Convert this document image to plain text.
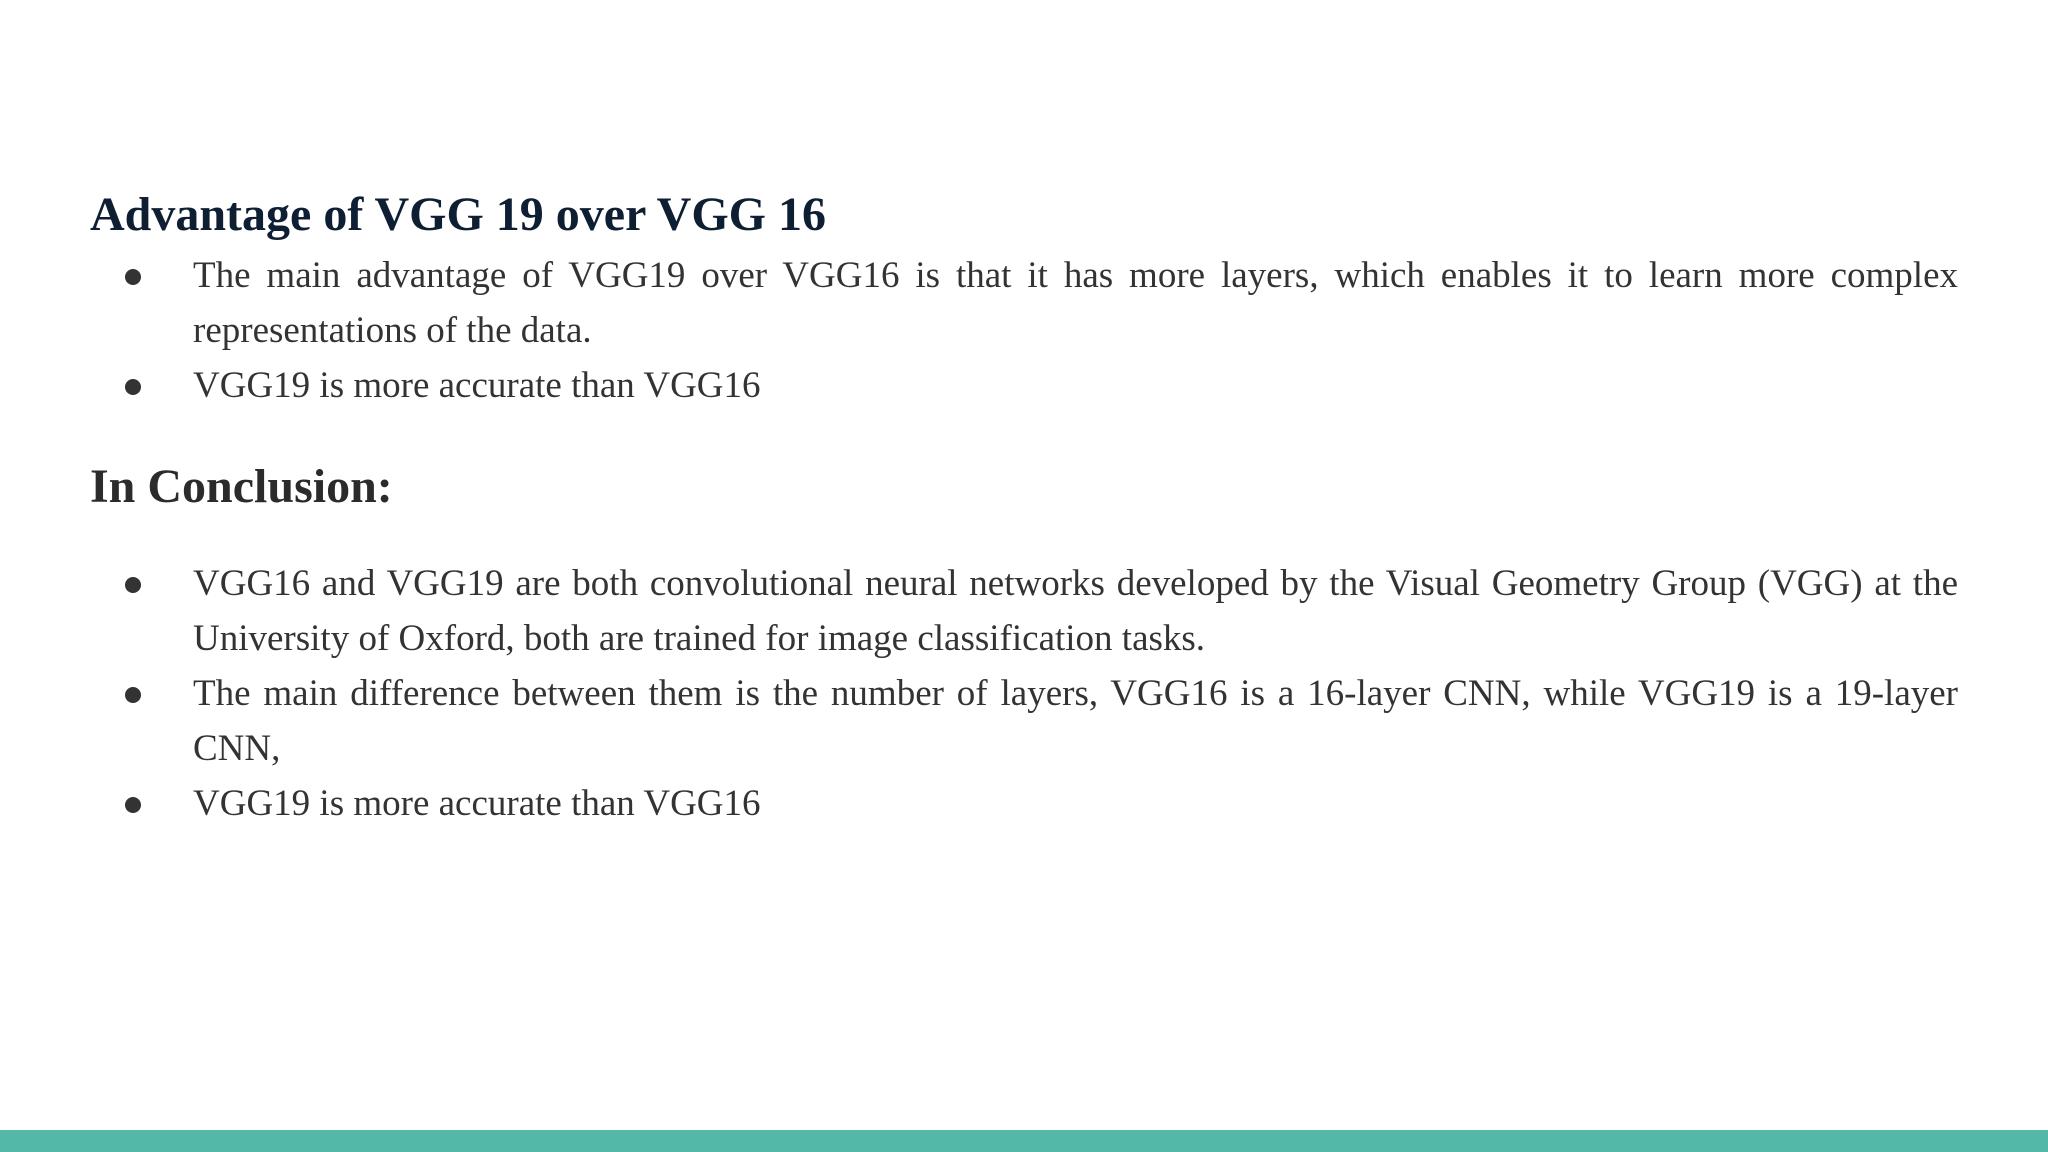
Advantage of VGG 19 over VGG 16
The main advantage of VGG19 over VGG16 is that it has more layers, which enables it to learn more complex representations of the data.
VGG19 is more accurate than VGG16
In Conclusion:
VGG16 and VGG19 are both convolutional neural networks developed by the Visual Geometry Group (VGG) at the University of Oxford, both are trained for image classification tasks.
The main difference between them is the number of layers, VGG16 is a 16-layer CNN, while VGG19 is a 19-layer CNN,
VGG19 is more accurate than VGG16
